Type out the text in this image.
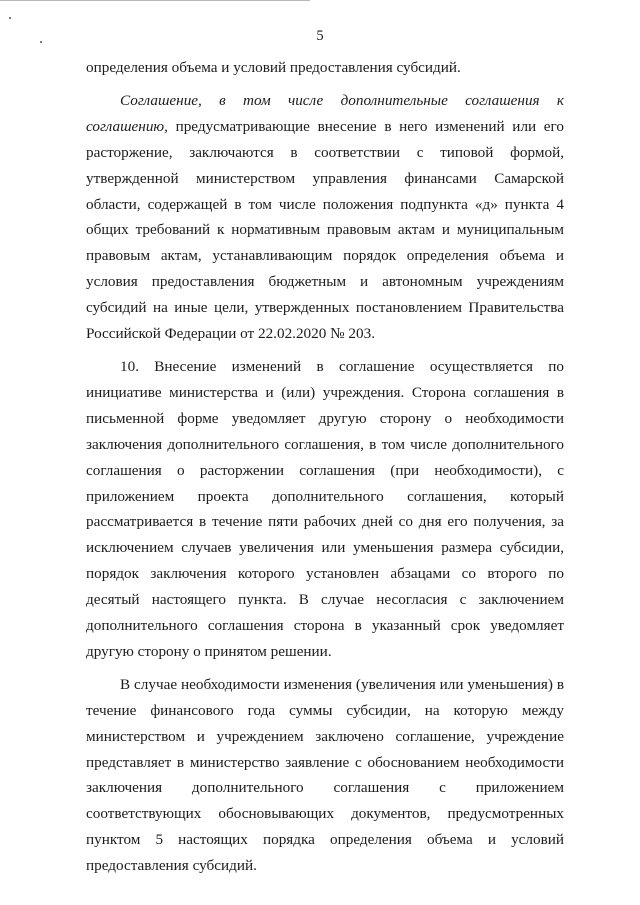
5

определения объема и условий предоставления субсидий.

Соглашение, в том числе дополнительные соглашения к соглашению, предусматривающие внесение в него изменений или его расторжение, заключаются в соответствии с типовой формой, утвержденной министерством управления финансами Самарской области, содержащей в том числе положения подпункта «д» пункта 4 общих требований к нормативным правовым актам и муниципальным правовым актам, устанавливающим порядок определения объема и условия предоставления бюджетным и автономным учреждениям субсидий на иные цели, утвержденных постановлением Правительства Российской Федерации от 22.02.2020 № 203.

10. Внесение изменений в соглашение осуществляется по инициативе министерства и (или) учреждения. Сторона соглашения в письменной форме уведомляет другую сторону о необходимости заключения дополнительного соглашения, в том числе дополнительного соглашения о расторжении соглашения (при необходимости), с приложением проекта дополнительного соглашения, который рассматривается в течение пяти рабочих дней со дня его получения, за исключением случаев увеличения или уменьшения размера субсидии, порядок заключения которого установлен абзацами со второго по десятый настоящего пункта. В случае несогласия с заключением дополнительного соглашения сторона в указанный срок уведомляет другую сторону о принятом решении.

В случае необходимости изменения (увеличения или уменьшения) в течение финансового года суммы субсидии, на которую между министерством и учреждением заключено соглашение, учреждение представляет в министерство заявление с обоснованием необходимости заключения дополнительного соглашения с приложением соответствующих обосновывающих документов, предусмотренных пунктом 5 настоящих порядка определения объема и условий предоставления субсидий.
